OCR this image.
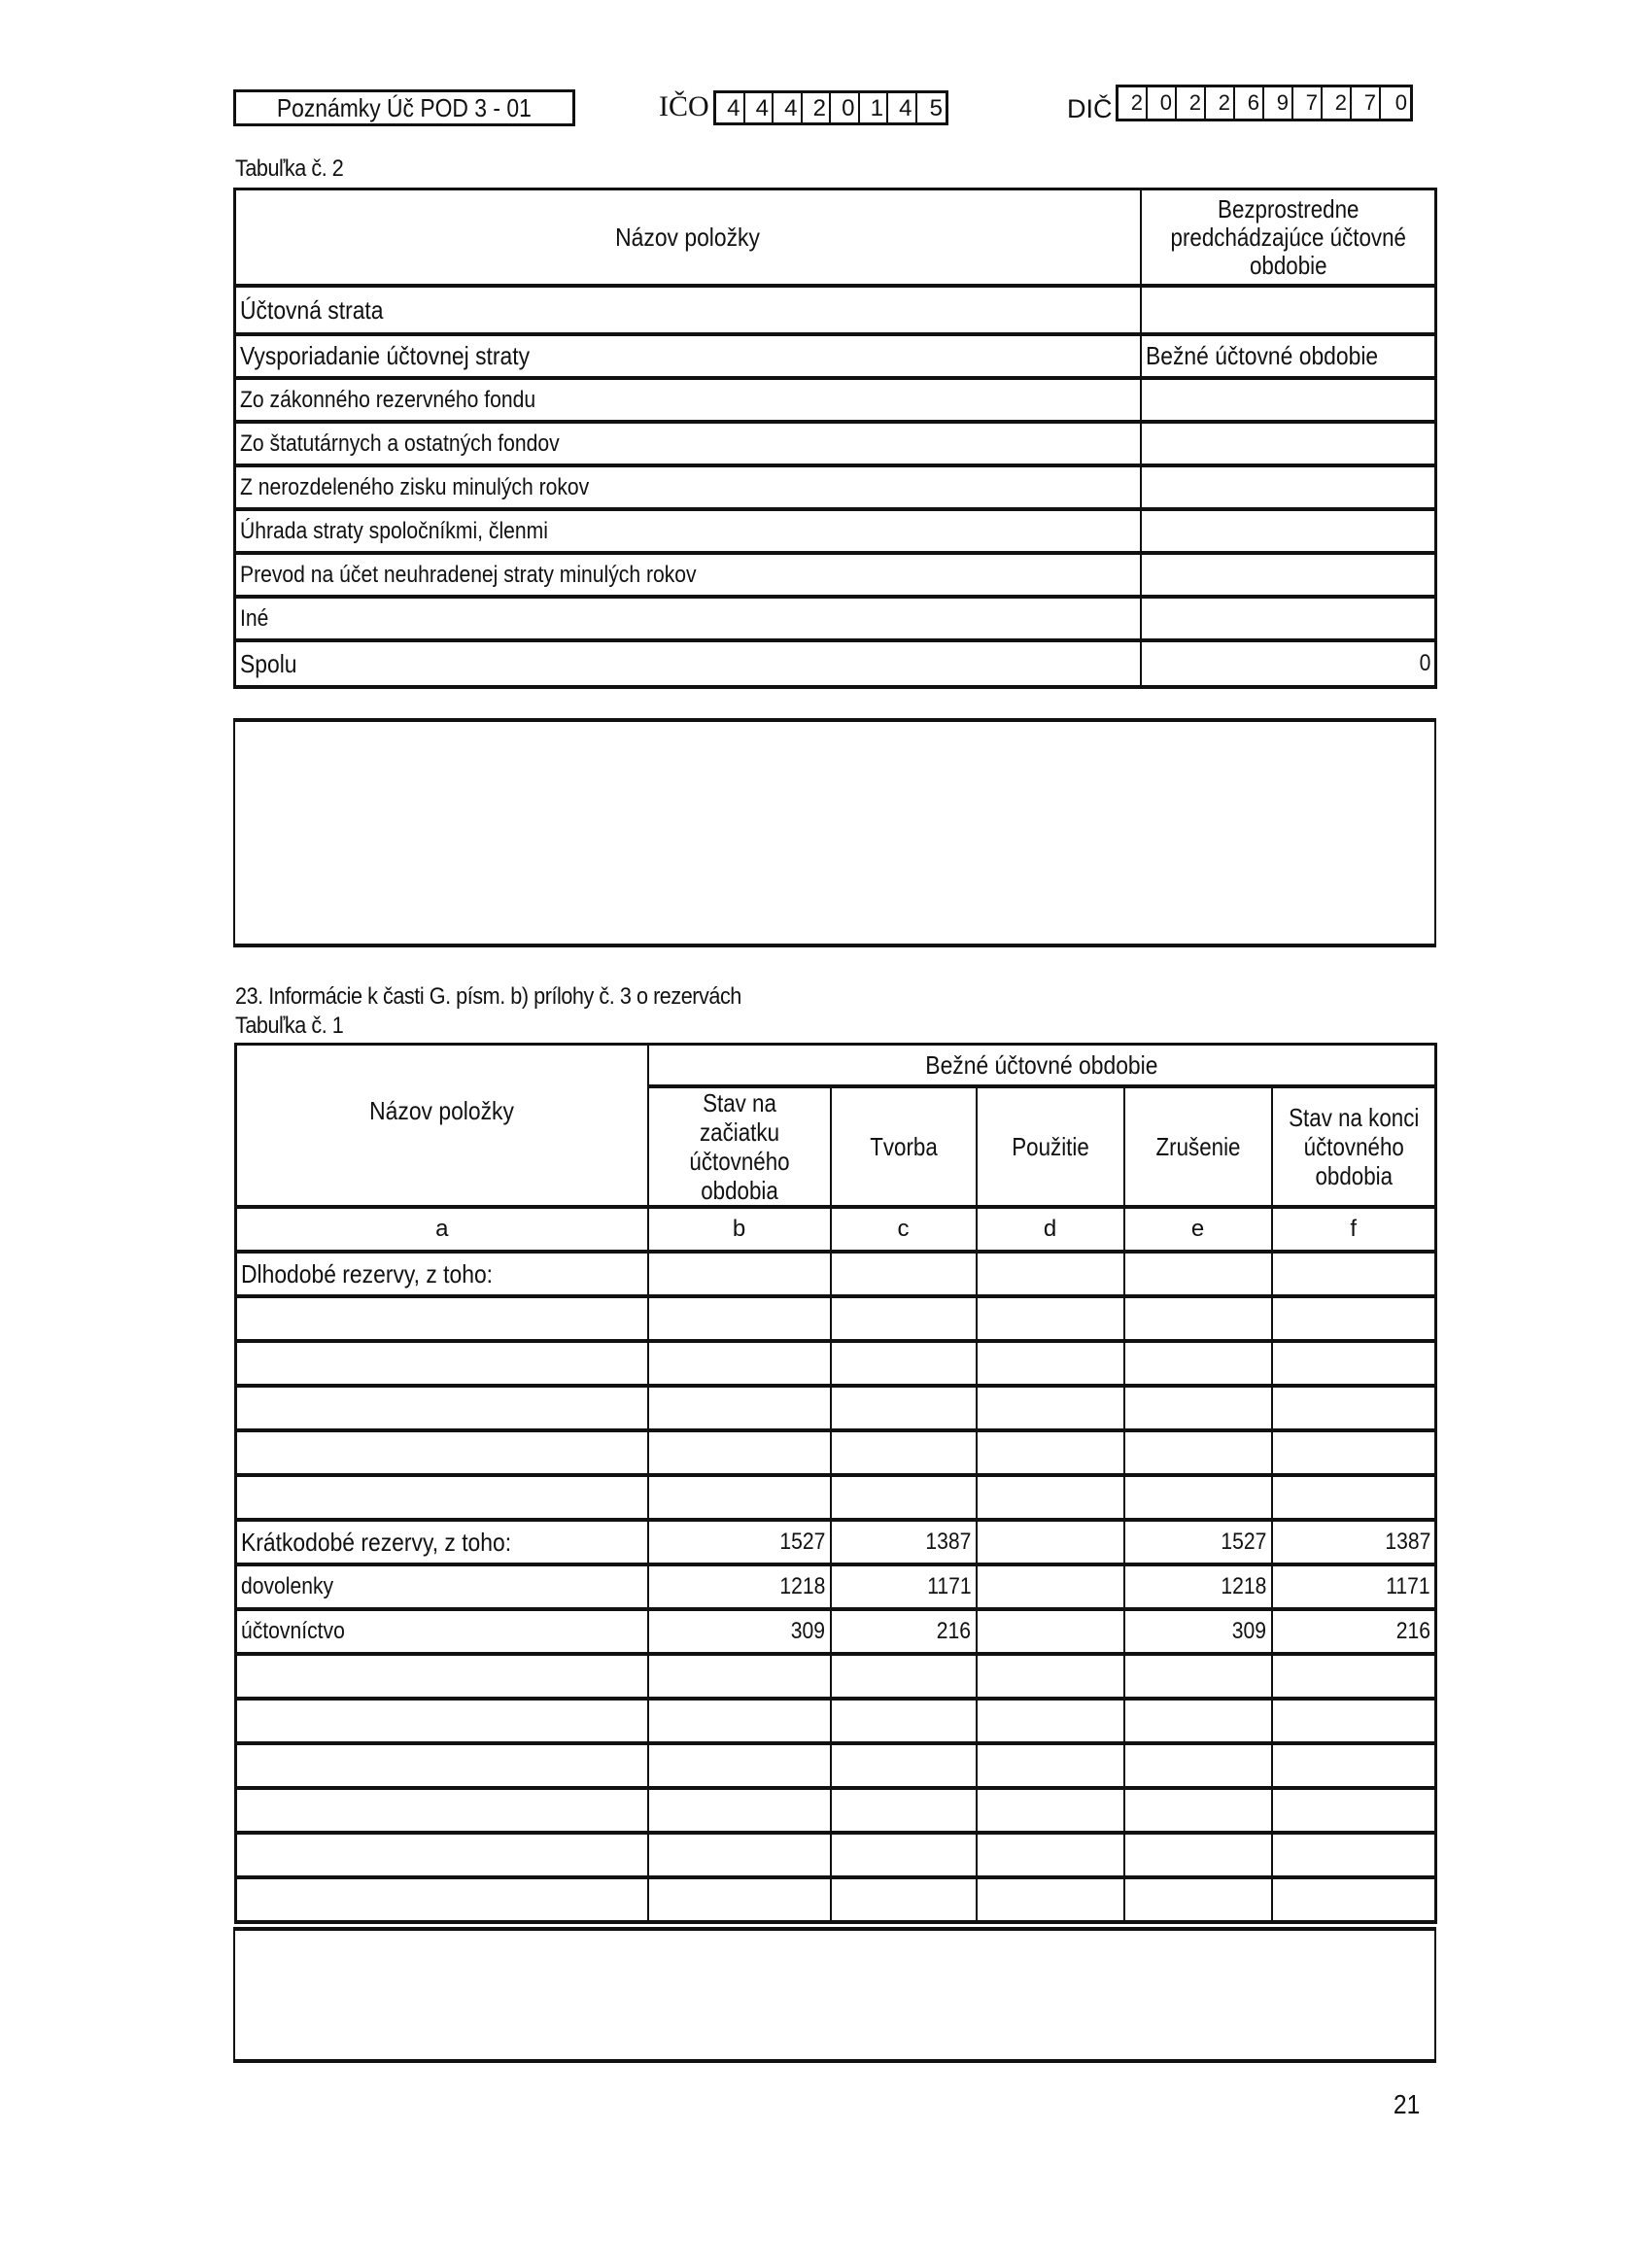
Poznámky Úč POD 3 - 01	IČO 4 4 4 2 0 1 4 5	DIČ 2 0 2 2 6 9 7 2 7 0
Tabuľka č. 2
Názov položky	Bezprostredne predchádzajúce účtovné obdobie

Účtovná strata	
Vysporiadanie účtovnej straty	Bežné účtovné obdobie
Zo zákonného rezervného fondu	
Zo štatutárnych a ostatných fondov	
Z nerozdeleného zisku minulých rokov	
Úhrada straty spoločníkmi, členmi	
Prevod na účet neuhradenej straty minulých rokov	
Iné	
Spolu	0
23. Informácie k časti G. písm. b) prílohy č. 3 o rezervách
Tabuľka č. 1
Názov položky	Bežné účtovné obdobie				

	Stav na začiatku účtovného obdobia	Tvorba	Použitie	Zrušenie	Stav na konci účtovného obdobia

a	b	c	d	e	f
Dlhodobé rezervy, z toho:					

Krátkodobé rezervy, z toho:	1527	1387		1527	1387
dovolenky	1218	1171		1218	1171
účtovníctvo	309	216		309	216

21
